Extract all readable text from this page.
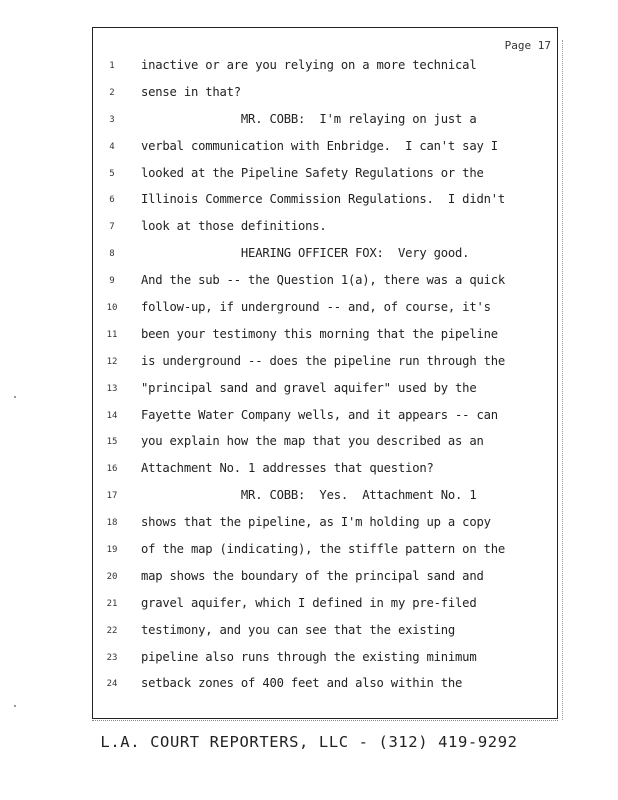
Page 17
1	inactive or are you relying on a more technical
2	sense in that?
3	MR. COBB:  I'm relaying on just a
4	verbal communication with Enbridge.  I can't say I
5	looked at the Pipeline Safety Regulations or the
6	Illinois Commerce Commission Regulations.  I didn't
7	look at those definitions.
8	HEARING OFFICER FOX:  Very good.
9	And the sub -- the Question 1(a), there was a quick
10	follow-up, if underground -- and, of course, it's
11	been your testimony this morning that the pipeline
12	is underground -- does the pipeline run through the
13	"principal sand and gravel aquifer" used by the
14	Fayette Water Company wells, and it appears -- can
15	you explain how the map that you described as an
16	Attachment No. 1 addresses that question?
17	MR. COBB:  Yes.  Attachment No. 1
18	shows that the pipeline, as I'm holding up a copy
19	of the map (indicating), the stiffle pattern on the
20	map shows the boundary of the principal sand and
21	gravel aquifer, which I defined in my pre-filed
22	testimony, and you can see that the existing
23	pipeline also runs through the existing minimum
24	setback zones of 400 feet and also within the
L.A. COURT REPORTERS, LLC - (312) 419-9292
